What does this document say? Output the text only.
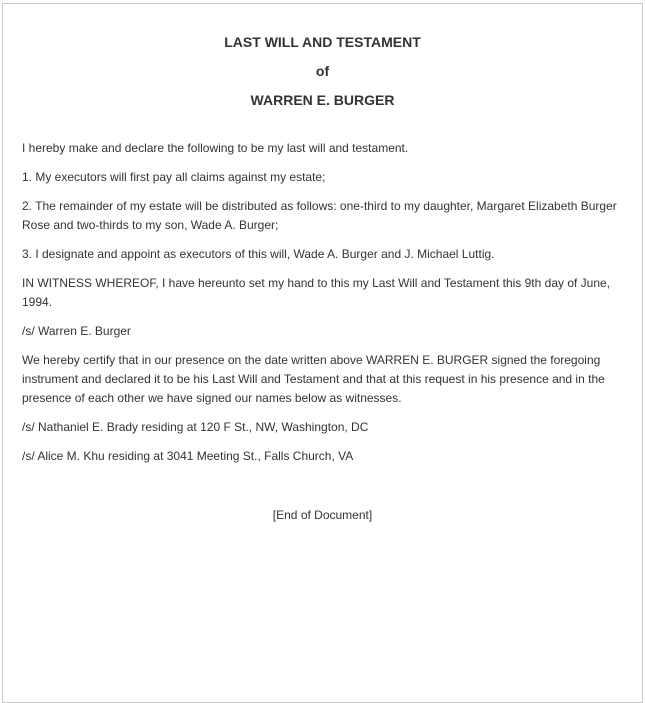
LAST WILL AND TESTAMENT
of
WARREN E. BURGER

I hereby make and declare the following to be my last will and testament.

1. My executors will first pay all claims against my estate;

2. The remainder of my estate will be distributed as follows: one-third to my daughter, Margaret Elizabeth Burger Rose and two-thirds to my son, Wade A. Burger;

3. I designate and appoint as executors of this will, Wade A. Burger and J. Michael Luttig.

IN WITNESS WHEREOF, I have hereunto set my hand to this my Last Will and Testament this 9th day of June, 1994.

/s/ Warren E. Burger

We hereby certify that in our presence on the date written above WARREN E. BURGER signed the foregoing instrument and declared it to be his Last Will and Testament and that at this request in his presence and in the presence of each other we have signed our names below as witnesses.

/s/ Nathaniel E. Brady residing at 120 F St., NW, Washington, DC

/s/ Alice M. Khu residing at 3041 Meeting St., Falls Church, VA

[End of Document]
